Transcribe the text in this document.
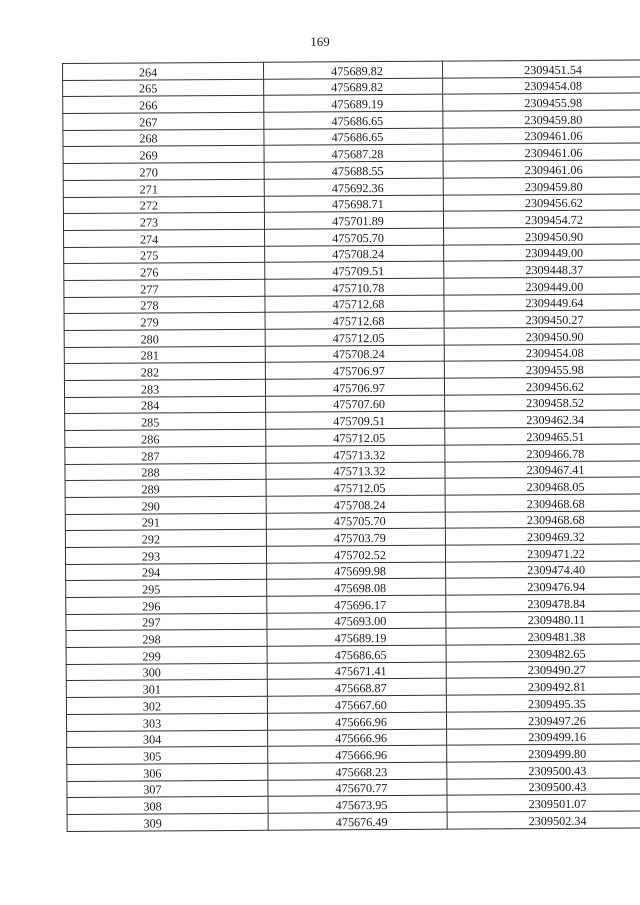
169
264	475689.82	2309451.54
265	475689.82	2309454.08
266	475689.19	2309455.98
267	475686.65	2309459.80
268	475686.65	2309461.06
269	475687.28	2309461.06
270	475688.55	2309461.06
271	475692.36	2309459.80
272	475698.71	2309456.62
273	475701.89	2309454.72
274	475705.70	2309450.90
275	475708.24	2309449.00
276	475709.51	2309448.37
277	475710.78	2309449.00
278	475712.68	2309449.64
279	475712.68	2309450.27
280	475712.05	2309450.90
281	475708.24	2309454.08
282	475706.97	2309455.98
283	475706.97	2309456.62
284	475707.60	2309458.52
285	475709.51	2309462.34
286	475712.05	2309465.51
287	475713.32	2309466.78
288	475713.32	2309467.41
289	475712.05	2309468.05
290	475708.24	2309468.68
291	475705.70	2309468.68
292	475703.79	2309469.32
293	475702.52	2309471.22
294	475699.98	2309474.40
295	475698.08	2309476.94
296	475696.17	2309478.84
297	475693.00	2309480.11
298	475689.19	2309481.38
299	475686.65	2309482.65
300	475671.41	2309490.27
301	475668.87	2309492.81
302	475667.60	2309495.35
303	475666.96	2309497.26
304	475666.96	2309499.16
305	475666.96	2309499.80
306	475668.23	2309500.43
307	475670.77	2309500.43
308	475673.95	2309501.07
309	475676.49	2309502.34
